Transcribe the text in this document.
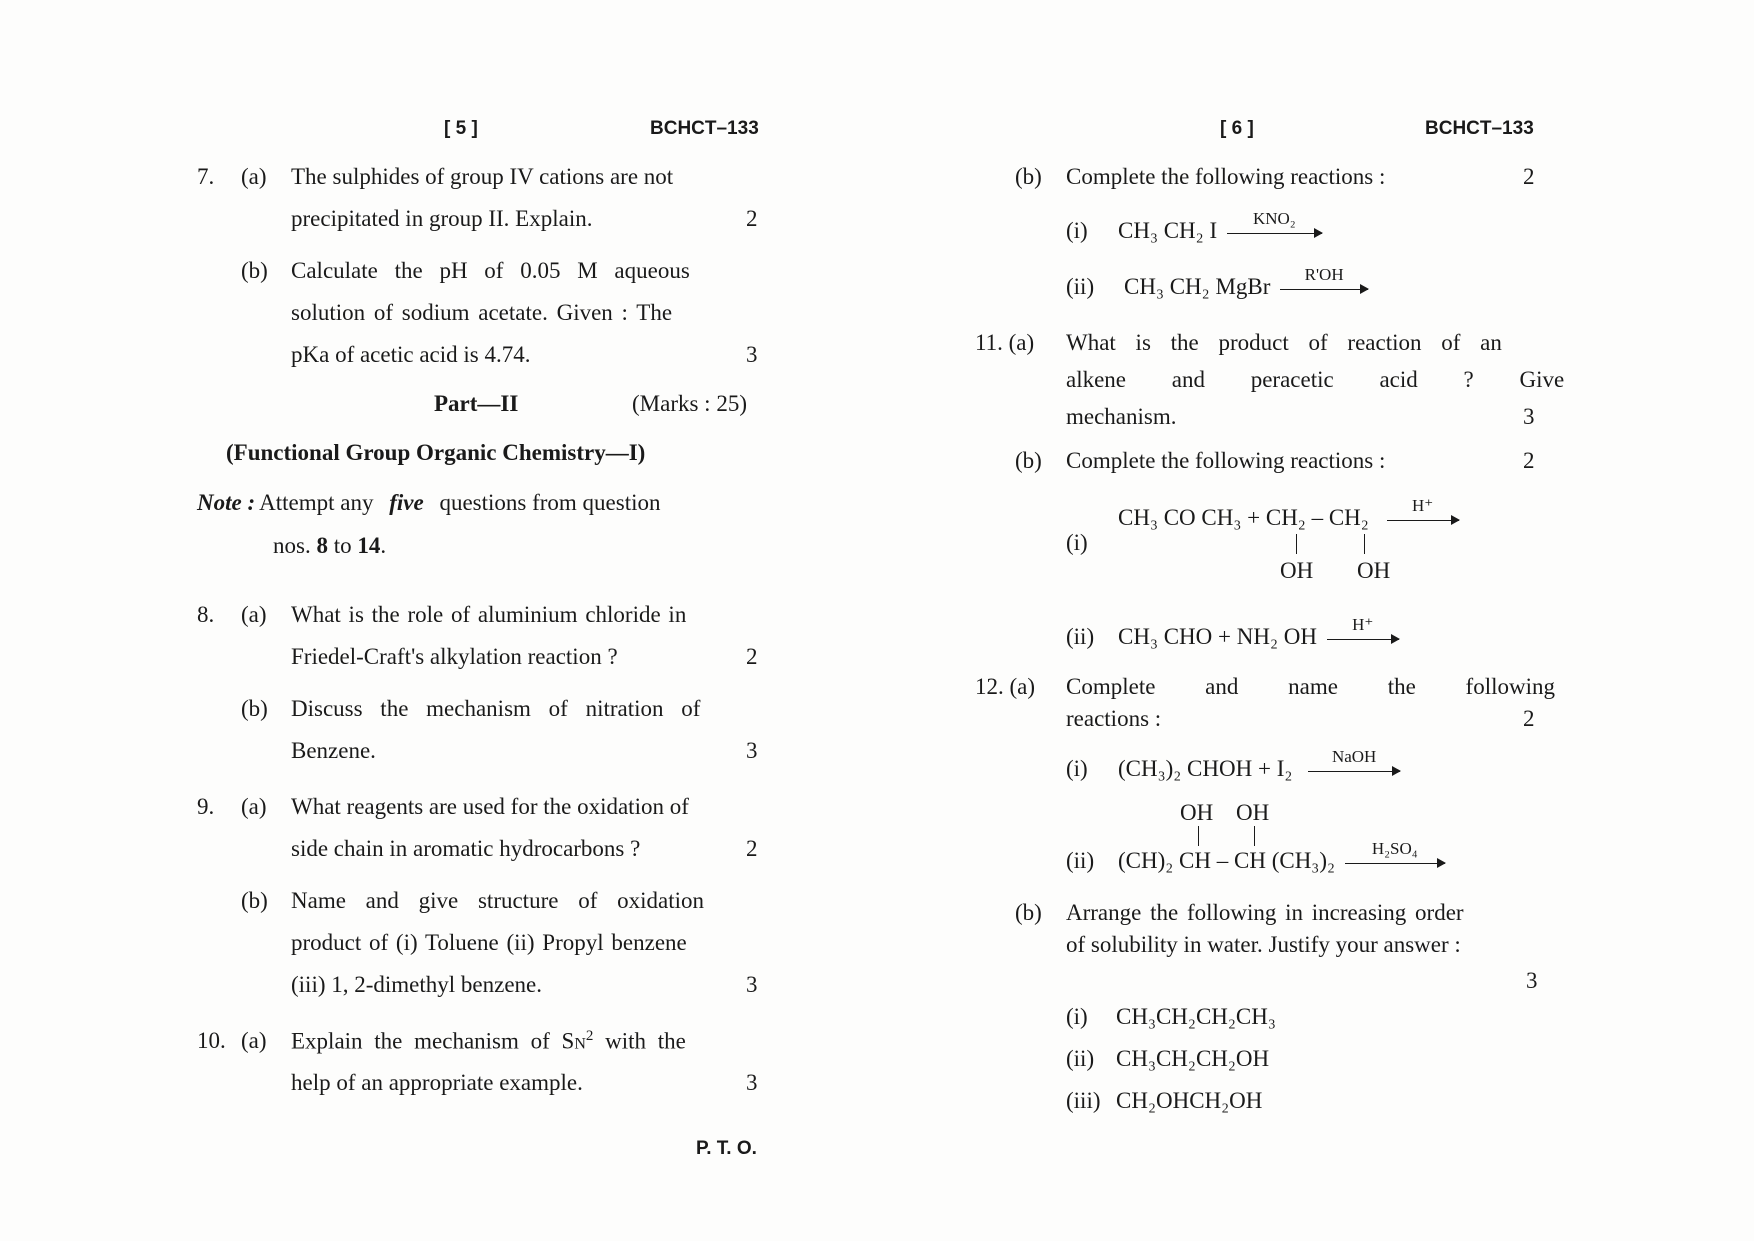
[ 5 ]	BCHCT–133
7. (a) The sulphides of group IV cations are not
precipitated in group II. Explain.	2
(b) Calculate the pH of 0.05 M aqueous
solution of sodium acetate. Given : The
pKa of acetic acid is 4.74.	3
Part—II	(Marks : 25)
(Functional Group Organic Chemistry—I)
Note : Attempt any five questions from question
nos. 8 to 14.
8. (a) What is the role of aluminium chloride in
Friedel-Craft's alkylation reaction ?	2
(b) Discuss the mechanism of nitration of
Benzene.	3
9. (a) What reagents are used for the oxidation of
side chain in aromatic hydrocarbons ?	2
(b) Name and give structure of oxidation
product of (i) Toluene (ii) Propyl benzene
(iii) 1, 2-dimethyl benzene.	3
10. (a) Explain the mechanism of $SN^2$ with the
help of an appropriate example.	3
P. T. O.
[ 6 ]	BCHCT–133
(b) Complete the following reactions :	2
(i) CH₃ CH₂ I	KNO₂
(ii) CH₃ CH₂ MgBr	R'OH
11. (a) What is the product of reaction of an
alkene and peracetic acid ? Give
mechanism.	3
(b) Complete the following reactions :	2
(i)
CH₃ CO CH₃ + CH₂ – CH₂	H⁺
OH OH
(ii) CH₃ CHO + NH₂ OH	H⁺
12. (a) Complete and name the following
reactions :	2
(i) (CH₃)₂ CHOH + I₂	NaOH
OH OH
(ii) (CH)₂ CH – CH (CH₃)₂	H₂SO₄
(b) Arrange the following in increasing order
of solubility in water. Justify your answer :
3
(i) CH₃CH₂CH₂CH₃
(ii) CH₃CH₂CH₂OH
(iii) CH₂OHCH₂OH
